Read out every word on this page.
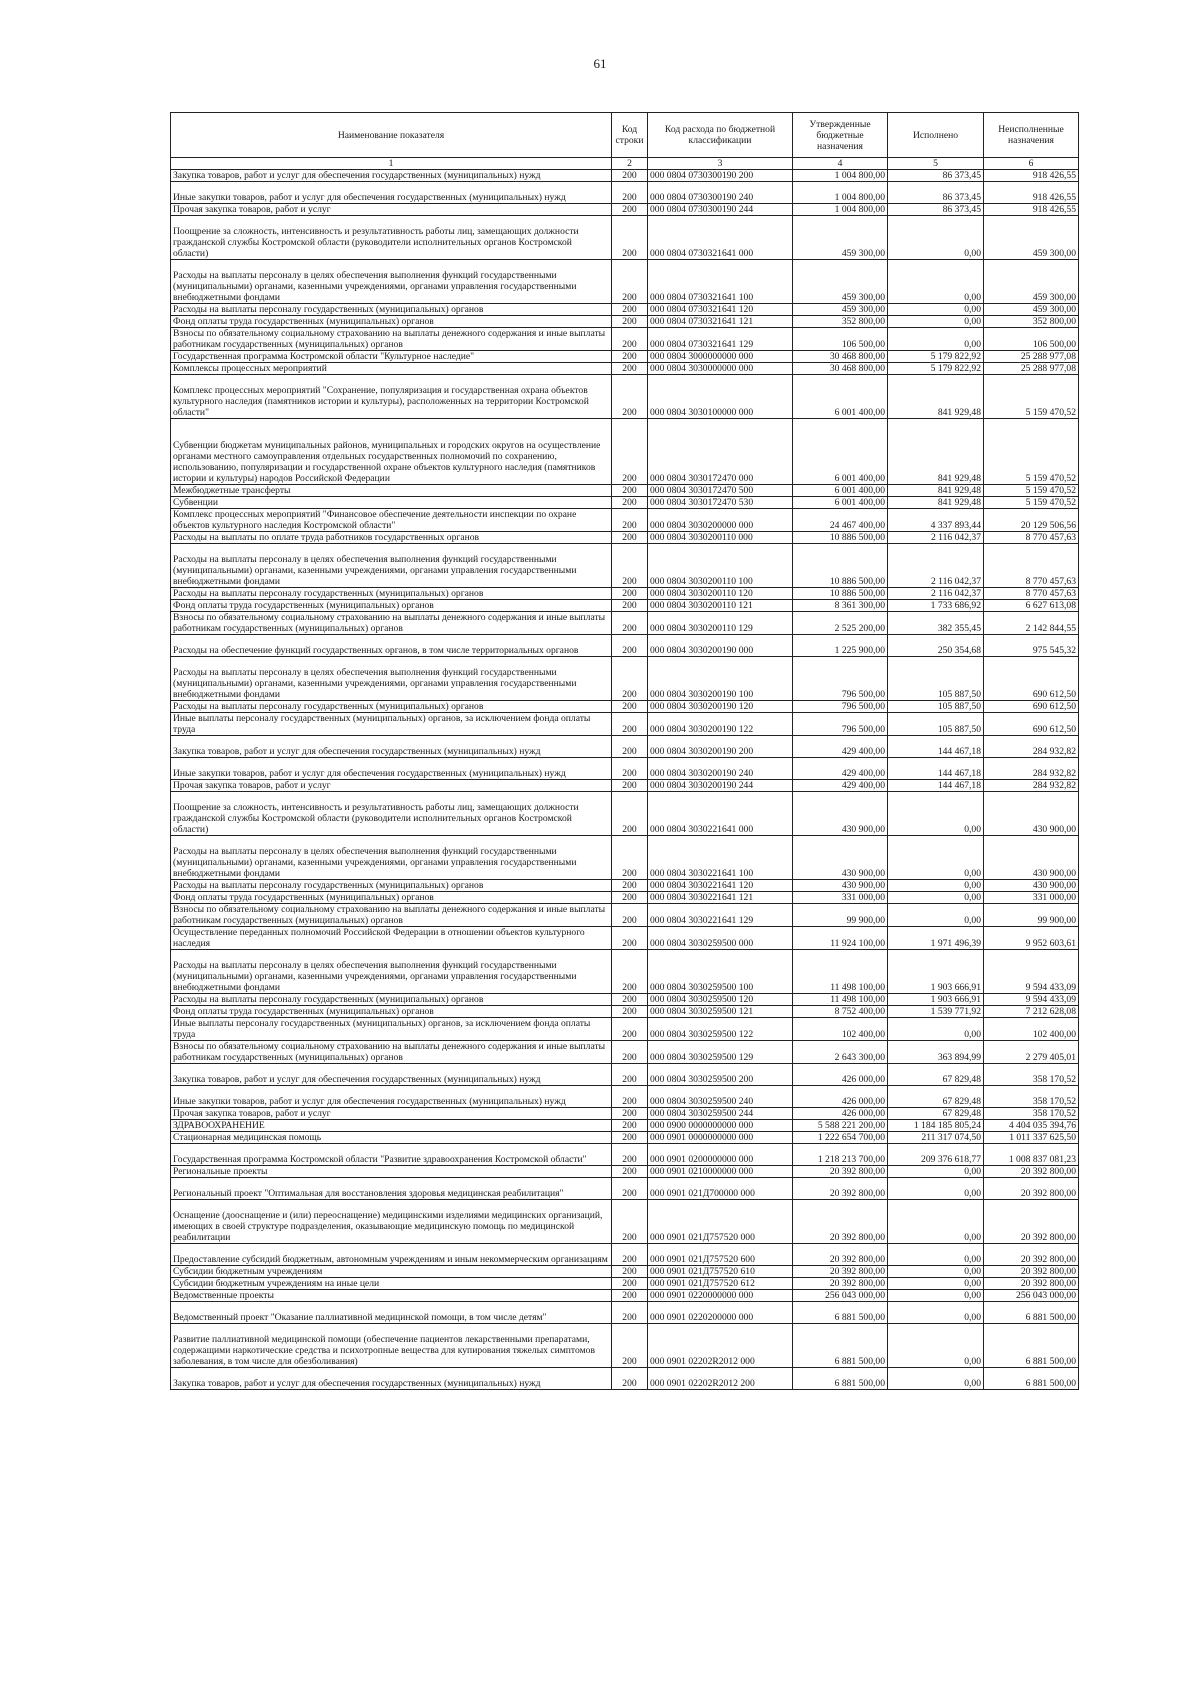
61
Наименование показателя	Код строки	Код расхода по бюджетной классификации	Утвержденные бюджетные назначения	Исполнено	Неисполненные назначения
1	2	3	4	5	6
Закупка товаров, работ и услуг для обеспечения государственных (муниципальных) нужд	200	000 0804 0730300190 200	1 004 800,00	86 373,45	918 426,55
Иные закупки товаров, работ и услуг для обеспечения государственных (муниципальных) нужд	200	000 0804 0730300190 240	1 004 800,00	86 373,45	918 426,55
Прочая закупка товаров, работ и услуг	200	000 0804 0730300190 244	1 004 800,00	86 373,45	918 426,55
Поощрение за сложность, интенсивность и результативность работы лиц, замещающих должности гражданской службы Костромской области (руководители исполнительных органов Костромской области)	200	000 0804 0730321641 000	459 300,00	0,00	459 300,00
Расходы на выплаты персоналу в целях обеспечения выполнения функций государственными (муниципальными) органами, казенными учреждениями, органами управления государственными внебюджетными фондами	200	000 0804 0730321641 100	459 300,00	0,00	459 300,00
Расходы на выплаты персоналу государственных (муниципальных) органов	200	000 0804 0730321641 120	459 300,00	0,00	459 300,00
Фонд оплаты труда государственных (муниципальных) органов	200	000 0804 0730321641 121	352 800,00	0,00	352 800,00
Взносы по обязательному социальному страхованию на выплаты денежного содержания и иные выплаты работникам государственных (муниципальных) органов	200	000 0804 0730321641 129	106 500,00	0,00	106 500,00
Государственная программа Костромской области "Культурное наследие"	200	000 0804 3000000000 000	30 468 800,00	5 179 822,92	25 288 977,08
Комплексы процессных мероприятий	200	000 0804 3030000000 000	30 468 800,00	5 179 822,92	25 288 977,08
Комплекс процессных мероприятий "Сохранение, популяризация и государственная охрана объектов культурного наследия (памятников истории и культуры), расположенных на территории Костромской области"	200	000 0804 3030100000 000	6 001 400,00	841 929,48	5 159 470,52
Субвенции бюджетам муниципальных районов, муниципальных и городских округов на осуществление органами местного самоуправления отдельных государственных полномочий по сохранению, использованию, популяризации и государственной охране объектов культурного наследия (памятников истории и культуры) народов Российской Федерации	200	000 0804 3030172470 000	6 001 400,00	841 929,48	5 159 470,52
Межбюджетные трансферты	200	000 0804 3030172470 500	6 001 400,00	841 929,48	5 159 470,52
Субвенции	200	000 0804 3030172470 530	6 001 400,00	841 929,48	5 159 470,52
Комплекс процессных мероприятий "Финансовое обеспечение деятельности инспекции по охране объектов культурного наследия Костромской области"	200	000 0804 3030200000 000	24 467 400,00	4 337 893,44	20 129 506,56
Расходы на выплаты по оплате труда работников государственных органов	200	000 0804 3030200110 000	10 886 500,00	2 116 042,37	8 770 457,63
Расходы на выплаты персоналу в целях обеспечения выполнения функций государственными (муниципальными) органами, казенными учреждениями, органами управления государственными внебюджетными фондами	200	000 0804 3030200110 100	10 886 500,00	2 116 042,37	8 770 457,63
Расходы на выплаты персоналу государственных (муниципальных) органов	200	000 0804 3030200110 120	10 886 500,00	2 116 042,37	8 770 457,63
Фонд оплаты труда государственных (муниципальных) органов	200	000 0804 3030200110 121	8 361 300,00	1 733 686,92	6 627 613,08
Взносы по обязательному социальному страхованию на выплаты денежного содержания и иные выплаты работникам государственных (муниципальных) органов	200	000 0804 3030200110 129	2 525 200,00	382 355,45	2 142 844,55
Расходы на обеспечение функций государственных органов, в том числе территориальных органов	200	000 0804 3030200190 000	1 225 900,00	250 354,68	975 545,32
Расходы на выплаты персоналу в целях обеспечения выполнения функций государственными (муниципальными) органами, казенными учреждениями, органами управления государственными внебюджетными фондами	200	000 0804 3030200190 100	796 500,00	105 887,50	690 612,50
Расходы на выплаты персоналу государственных (муниципальных) органов	200	000 0804 3030200190 120	796 500,00	105 887,50	690 612,50
Иные выплаты персоналу государственных (муниципальных) органов, за исключением фонда оплаты труда	200	000 0804 3030200190 122	796 500,00	105 887,50	690 612,50
Закупка товаров, работ и услуг для обеспечения государственных (муниципальных) нужд	200	000 0804 3030200190 200	429 400,00	144 467,18	284 932,82
Иные закупки товаров, работ и услуг для обеспечения государственных (муниципальных) нужд	200	000 0804 3030200190 240	429 400,00	144 467,18	284 932,82
Прочая закупка товаров, работ и услуг	200	000 0804 3030200190 244	429 400,00	144 467,18	284 932,82
Поощрение за сложность, интенсивность и результативность работы лиц, замещающих должности гражданской службы Костромской области (руководители исполнительных органов Костромской области)	200	000 0804 3030221641 000	430 900,00	0,00	430 900,00
Расходы на выплаты персоналу в целях обеспечения выполнения функций государственными (муниципальными) органами, казенными учреждениями, органами управления государственными внебюджетными фондами	200	000 0804 3030221641 100	430 900,00	0,00	430 900,00
Расходы на выплаты персоналу государственных (муниципальных) органов	200	000 0804 3030221641 120	430 900,00	0,00	430 900,00
Фонд оплаты труда государственных (муниципальных) органов	200	000 0804 3030221641 121	331 000,00	0,00	331 000,00
Взносы по обязательному социальному страхованию на выплаты денежного содержания и иные выплаты работникам государственных (муниципальных) органов	200	000 0804 3030221641 129	99 900,00	0,00	99 900,00
Осуществление переданных полномочий Российской Федерации в отношении объектов культурного наследия	200	000 0804 3030259500 000	11 924 100,00	1 971 496,39	9 952 603,61
Расходы на выплаты персоналу в целях обеспечения выполнения функций государственными (муниципальными) органами, казенными учреждениями, органами управления государственными внебюджетными фондами	200	000 0804 3030259500 100	11 498 100,00	1 903 666,91	9 594 433,09
Расходы на выплаты персоналу государственных (муниципальных) органов	200	000 0804 3030259500 120	11 498 100,00	1 903 666,91	9 594 433,09
Фонд оплаты труда государственных (муниципальных) органов	200	000 0804 3030259500 121	8 752 400,00	1 539 771,92	7 212 628,08
Иные выплаты персоналу государственных (муниципальных) органов, за исключением фонда оплаты труда	200	000 0804 3030259500 122	102 400,00	0,00	102 400,00
Взносы по обязательному социальному страхованию на выплаты денежного содержания и иные выплаты работникам государственных (муниципальных) органов	200	000 0804 3030259500 129	2 643 300,00	363 894,99	2 279 405,01
Закупка товаров, работ и услуг для обеспечения государственных (муниципальных) нужд	200	000 0804 3030259500 200	426 000,00	67 829,48	358 170,52
Иные закупки товаров, работ и услуг для обеспечения государственных (муниципальных) нужд	200	000 0804 3030259500 240	426 000,00	67 829,48	358 170,52
Прочая закупка товаров, работ и услуг	200	000 0804 3030259500 244	426 000,00	67 829,48	358 170,52
ЗДРАВООХРАНЕНИЕ	200	000 0900 0000000000 000	5 588 221 200,00	1 184 185 805,24	4 404 035 394,76
Стационарная медицинская помощь	200	000 0901 0000000000 000	1 222 654 700,00	211 317 074,50	1 011 337 625,50
Государственная программа Костромской области "Развитие здравоохранения Костромской области"	200	000 0901 0200000000 000	1 218 213 700,00	209 376 618,77	1 008 837 081,23
Региональные проекты	200	000 0901 0210000000 000	20 392 800,00	0,00	20 392 800,00
Региональный проект "Оптимальная для восстановления здоровья медицинская реабилитация"	200	000 0901 021Д700000 000	20 392 800,00	0,00	20 392 800,00
Оснащение (дооснащение и (или) переоснащение) медицинскими изделиями медицинских организаций, имеющих в своей структуре подразделения, оказывающие медицинскую помощь по медицинской реабилитации	200	000 0901 021Д757520 000	20 392 800,00	0,00	20 392 800,00
Предоставление субсидий бюджетным, автономным учреждениям и иным некоммерческим организациям	200	000 0901 021Д757520 600	20 392 800,00	0,00	20 392 800,00
Субсидии бюджетным учреждениям	200	000 0901 021Д757520 610	20 392 800,00	0,00	20 392 800,00
Субсидии бюджетным учреждениям на иные цели	200	000 0901 021Д757520 612	20 392 800,00	0,00	20 392 800,00
Ведомственные проекты	200	000 0901 0220000000 000	256 043 000,00	0,00	256 043 000,00
Ведомственный проект "Оказание паллиативной медицинской помощи, в том числе детям"	200	000 0901 0220200000 000	6 881 500,00	0,00	6 881 500,00
Развитие паллиативной медицинской помощи (обеспечение пациентов лекарственными препаратами, содержащими наркотические средства и психотропные вещества для купирования тяжелых симптомов заболевания, в том числе для обезболивания)	200	000 0901 02202R2012 000	6 881 500,00	0,00	6 881 500,00
Закупка товаров, работ и услуг для обеспечения государственных (муниципальных) нужд	200	000 0901 02202R2012 200	6 881 500,00	0,00	6 881 500,00
